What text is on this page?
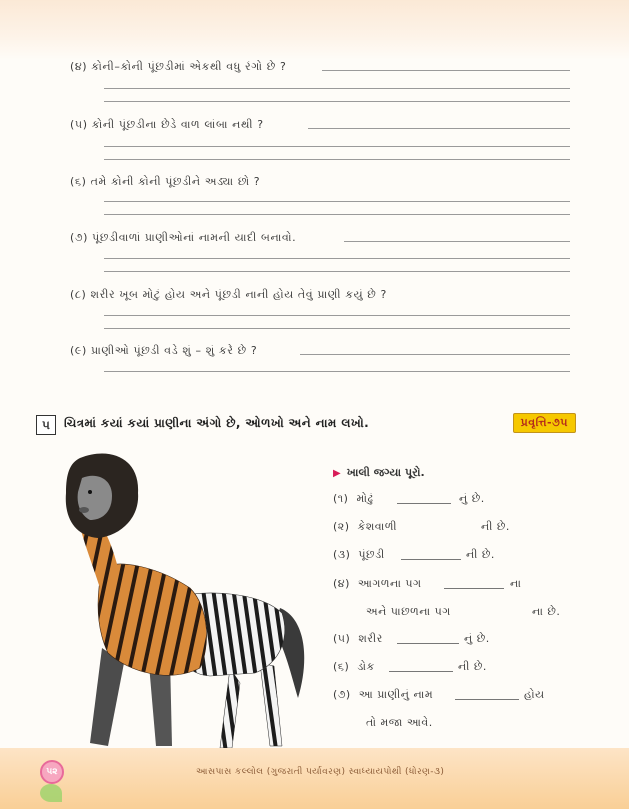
(૪) કોની–કોની પૂંછડીમાં એકથી વધુ રંગો છે ?
(૫) કોની પૂંછડીના છેડે વાળ લાંબા નથી ?
(૬) તમે કોની કોની પૂંછડીને અડ્યા છો ?
(૭) પૂંછડીવાળાં પ્રાણીઓનાં નામની યાદી બનાવો.
(૮) શરીર ખૂબ મોટું હોય અને પૂંછડી નાની હોય તેવું પ્રાણી કયું છે ?
(૯) પ્રાણીઓ પૂંછડી વડે શું – શું કરે છે ?
૫	ચિત્રમાં કયાં કયાં પ્રાણીના અંગો છે, ઓળખો અને નામ લખો.	પ્રવૃત્તિ-૭૫
▶ ખાલી જગ્યા પૂરો.
(૧) મોઢું	નું છે.
(૨) કેશવાળી	ની છે.
(૩) પૂંછડી	ની છે.
(૪) આગળના પગ	ના
અને પાછળના પગ	ના છે.
(૫) શરીર	નું છે.
(૬) ડોક	ની છે.
(૭) આ પ્રાણીનું નામ	હોય
તો મજા આવે.
૫૨	આસપાસ કલ્લોલ (ગુજરાતી પર્યાવરણ) સ્વાધ્યાયપોથી (ધોરણ-૩)
